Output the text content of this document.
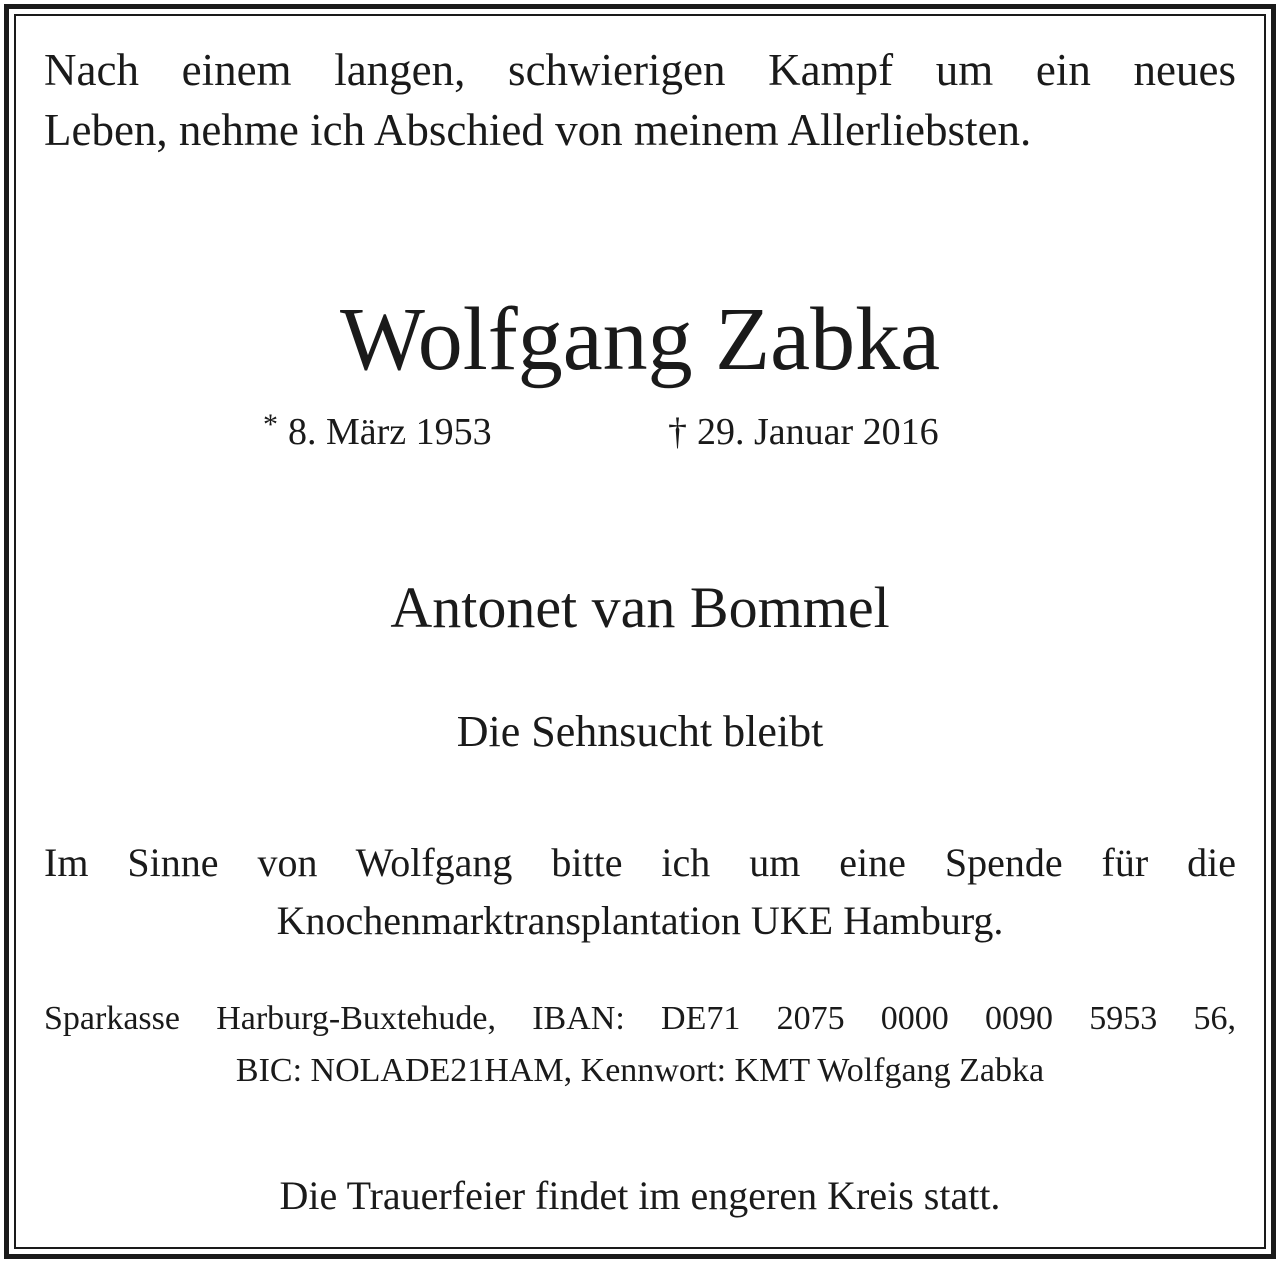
Nach einem langen, schwierigen Kampf um ein neues
Leben, nehme ich Abschied von meinem Allerliebsten.

Wolfgang Zabka
* 8. März 1953	† 29. Januar 2016

Antonet van Bommel

Die Sehnsucht bleibt

Im Sinne von Wolfgang bitte ich um eine Spende für die
Knochenmarktransplantation UKE Hamburg.

Sparkasse Harburg-Buxtehude, IBAN: DE71 2075 0000 0090 5953 56,
BIC: NOLADE21HAM, Kennwort: KMT Wolfgang Zabka

Die Trauerfeier findet im engeren Kreis statt.
